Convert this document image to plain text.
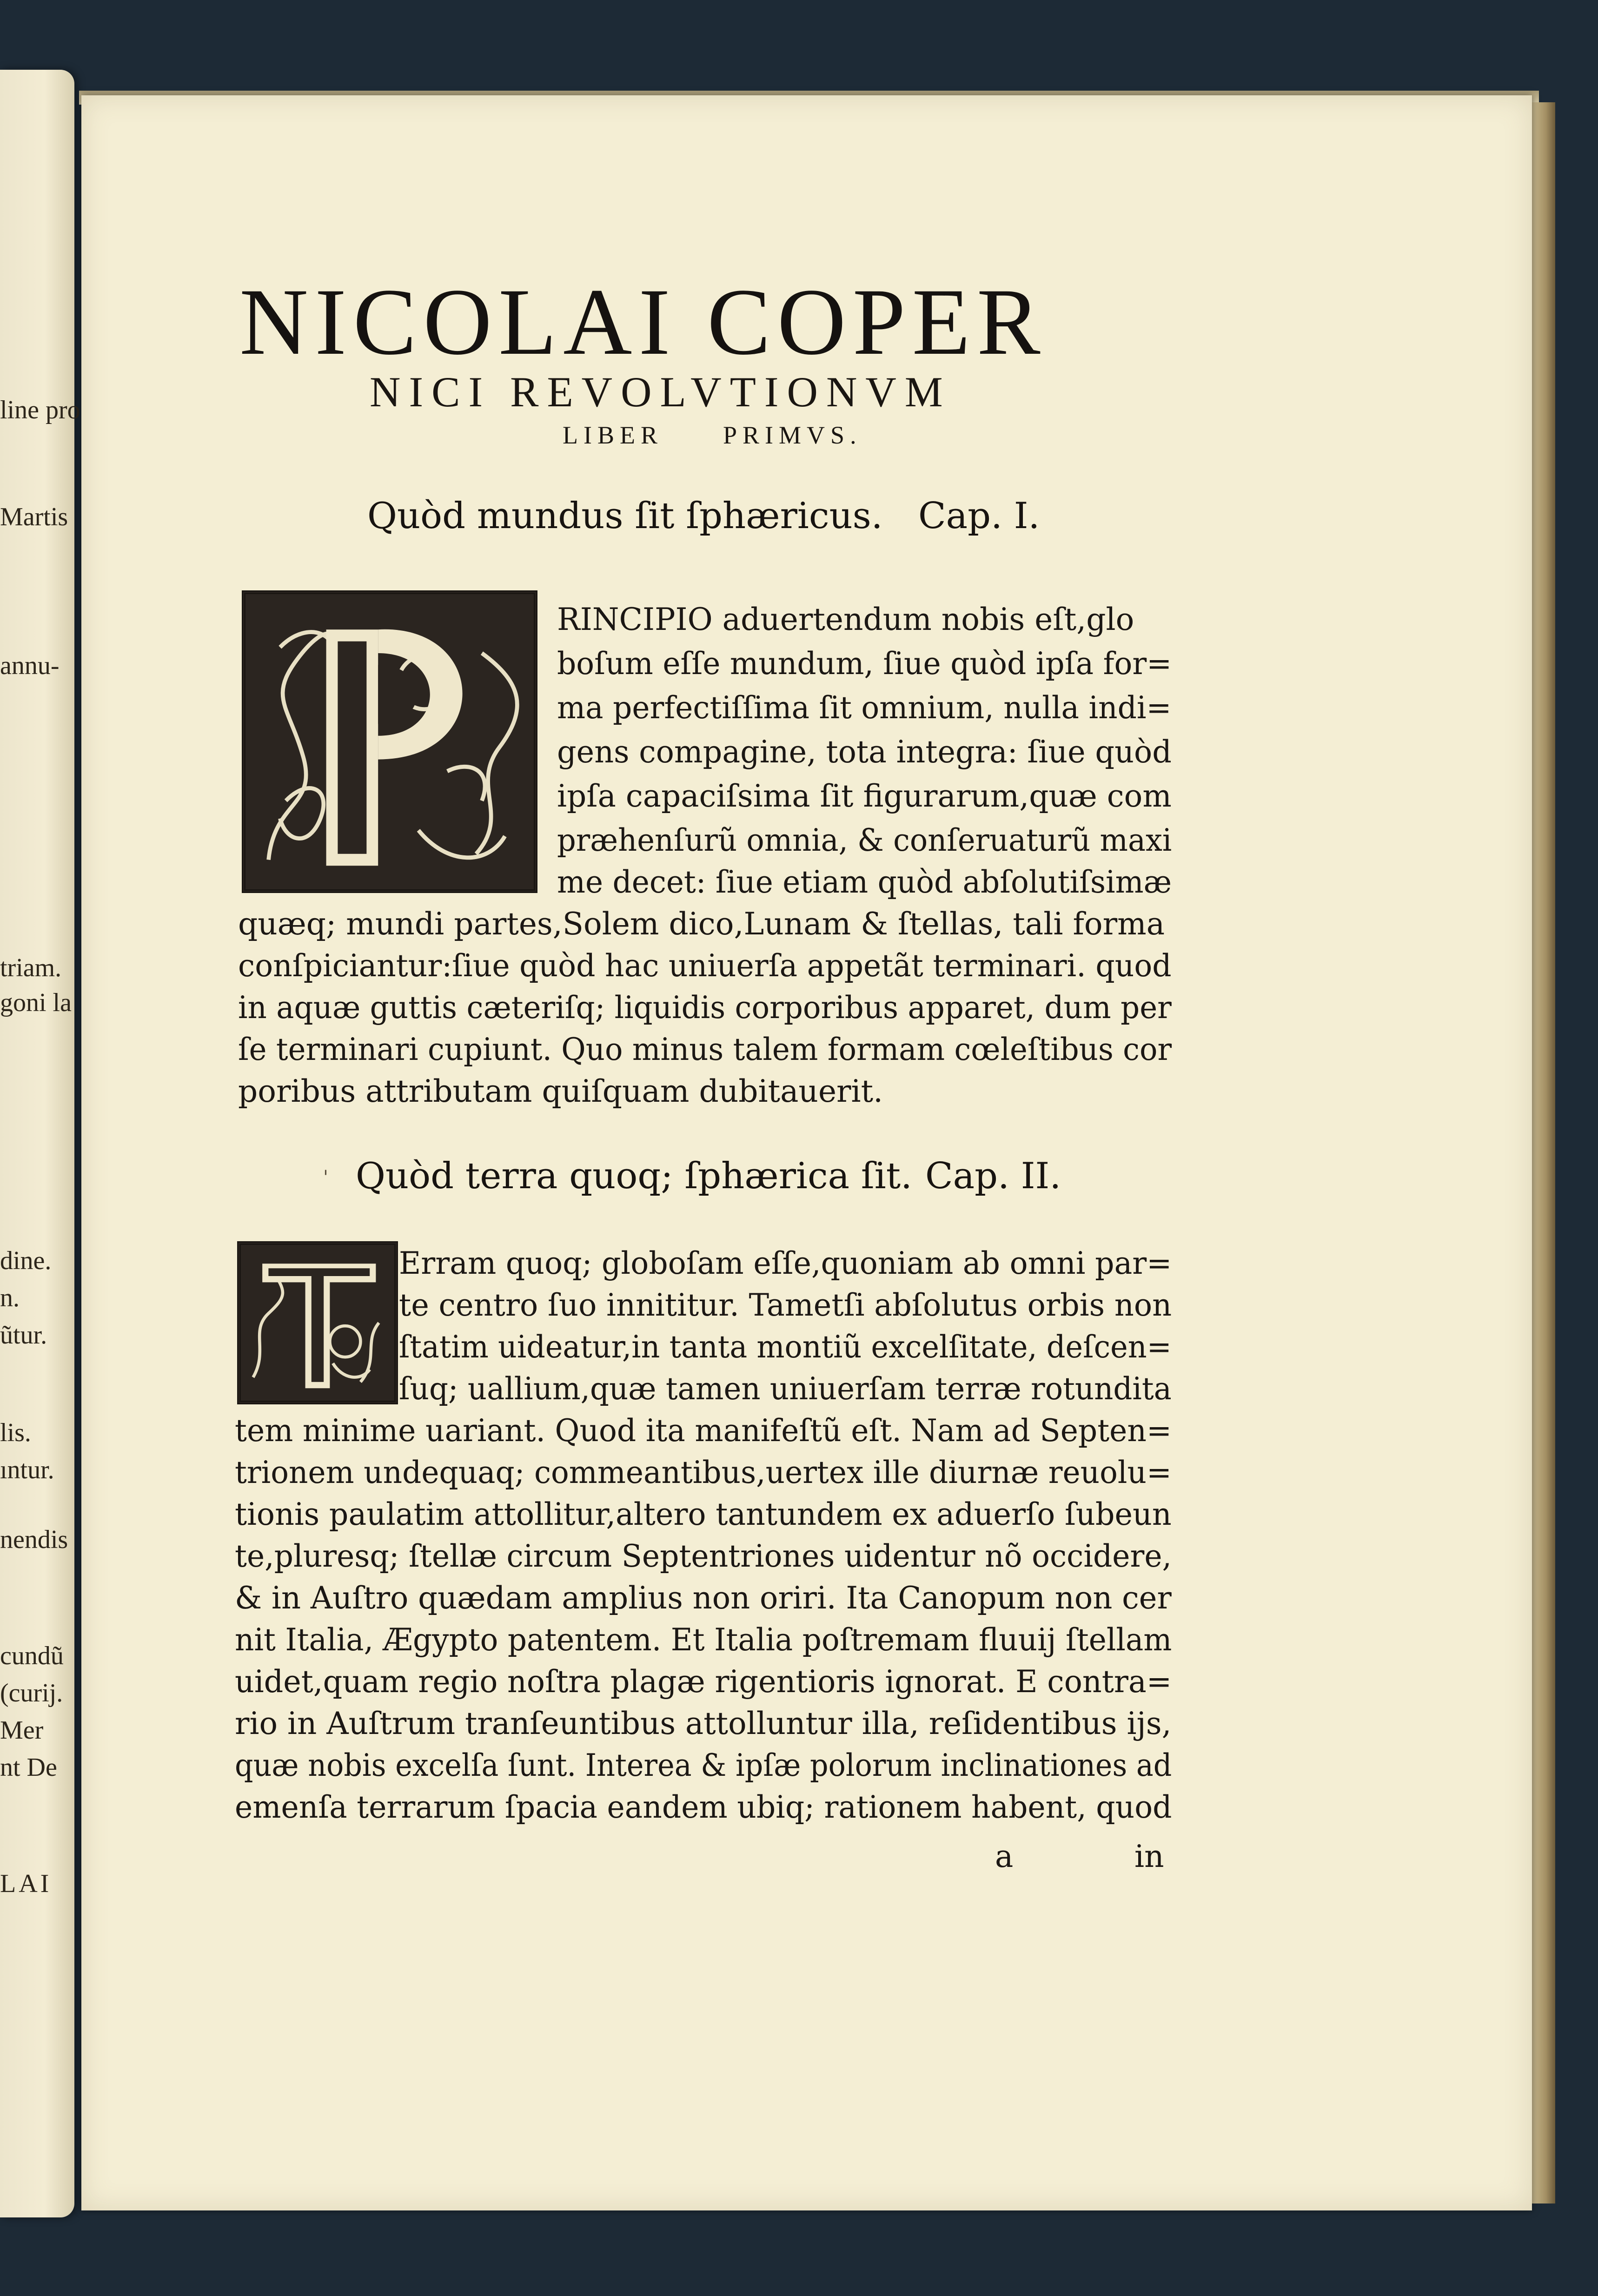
line pro
Martis
annu-
triam.
goni la
dine.
n.
ũtur.
lis.
ıntur.
nendis
cundũ
(curij.
Mer
nt De
LAI
NICOLAI COPER
NICI REVOLVTIONVM
LIBER PRIMVS.
Quòd mundus ſit ſphæricus. Cap. I.
RINCIPIO aduertendum nobis eſt,glo
boſum eſſe mundum, ſiue quòd ipſa for=
ma perfectiſſima ſit omnium, nulla indi=
gens compagine, tota integra: ſiue quòd
ipſa capaciſsima ſit figurarum,quæ com
præhenſurũ omnia, & conſeruaturũ maxi
me decet: ſiue etiam quòd abſolutiſsimæ
quæq; mundi partes,Solem dico,Lunam & ſtellas, tali forma
conſpiciantur:ſiue quòd hac uniuerſa appetãt terminari. quod
in aquæ guttis cæteriſq; liquidis corporibus apparet, dum per
ſe terminari cupiunt. Quo minus talem formam cœleſtibus cor
poribus attributam quiſquam dubitauerit.
' Quòd terra quoq; ſphærica ſit. Cap. II.
Erram quoq; globoſam eſſe,quoniam ab omni par=
te centro ſuo innititur. Tametſi abſolutus orbis non
ſtatim uideatur,in tanta montiũ excelſitate, deſcen=
ſuq; uallium,quæ tamen uniuerſam terræ rotundita
tem minime uariant. Quod ita manifeſtũ eſt. Nam ad Septen=
trionem undequaq; commeantibus,uertex ille diurnæ reuolu=
tionis paulatim attollitur,altero tantundem ex aduerſo ſubeun
te,pluresq; ſtellæ circum Septentriones uidentur nõ occidere,
& in Auſtro quædam amplius non oriri. Ita Canopum non cer
nit Italia, Ægypto patentem. Et Italia poſtremam fluuij ſtellam
uidet,quam regio noſtra plagæ rigentioris ignorat. E contra=
rio in Auſtrum tranſeuntibus attolluntur illa, reſidentibus ijs,
quæ nobis excelſa ſunt. Interea & ipſæ polorum inclinationes ad
emenſa terrarum ſpacia eandem ubiq; rationem habent, quod
a	in
